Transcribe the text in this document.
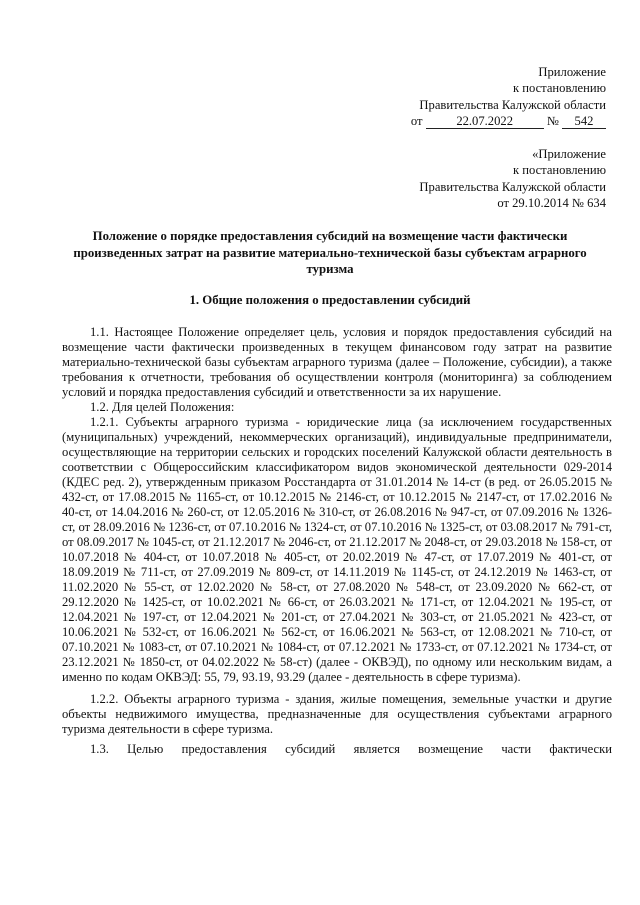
Приложение
к постановлению
Правительства Калужской области
от	22.07.2022	№ 542
«Приложение
к постановлению
Правительства Калужской области
от 29.10.2014 № 634
Положение о порядке предоставления субсидий на возмещение части фактически произведенных затрат на развитие материально-технической базы субъектам аграрного туризма
1. Общие положения о предоставлении субсидий

1.1. Настоящее Положение определяет цель, условия и порядок предоставления субсидий на возмещение части фактически произведенных в текущем финансовом году затрат на развитие материально-технической базы субъектам аграрного туризма (далее – Положение, субсидии), а также требования к отчетности, требования об осуществлении контроля (мониторинга) за соблюдением условий и порядка предоставления субсидий и ответственности за их нарушение.

1.2. Для целей Положения:

1.2.1. Субъекты аграрного туризма - юридические лица (за исключением государственных (муниципальных) учреждений, некоммерческих организаций), индивидуальные предприниматели, осуществляющие на территории сельских и городских поселений Калужской области деятельность в соответствии с Общероссийским классификатором видов экономической деятельности 029-2014 (КДЕС ред. 2), утвержденным приказом Росстандарта от 31.01.2014 № 14-ст (в ред. от 26.05.2015 № 432-ст, от 17.08.2015 № 1165-ст, от 10.12.2015 № 2146-ст, от 10.12.2015 № 2147-ст, от 17.02.2016 № 40-ст, от 14.04.2016 № 260-ст, от 12.05.2016 № 310-ст, от 26.08.2016 № 947-ст, от 07.09.2016 № 1326-ст, от 28.09.2016 № 1236-ст, от 07.10.2016 № 1324-ст, от 07.10.2016 № 1325-ст, от 03.08.2017 № 791-ст, от 08.09.2017 № 1045-ст, от 21.12.2017 № 2046-ст, от 21.12.2017 № 2048-ст, от 29.03.2018 № 158-ст, от 10.07.2018 № 404-ст, от 10.07.2018 № 405-ст, от 20.02.2019 № 47-ст, от 17.07.2019 № 401-ст, от 18.09.2019 № 711-ст, от 27.09.2019 № 809-ст, от 14.11.2019 № 1145-ст, от 24.12.2019 № 1463-ст, от 11.02.2020 № 55-ст, от 12.02.2020 № 58-ст, от 27.08.2020 № 548-ст, от 23.09.2020 № 662-ст, от 29.12.2020 № 1425-ст, от 10.02.2021 № 66-ст, от 26.03.2021 № 171-ст, от 12.04.2021 № 195-ст, от 12.04.2021 № 197-ст, от 12.04.2021 № 201-ст, от 27.04.2021 № 303-ст, от 21.05.2021 № 423-ст, от 10.06.2021 № 532-ст, от 16.06.2021 № 562-ст, от 16.06.2021 № 563-ст, от 12.08.2021 № 710-ст, от 07.10.2021 № 1083-ст, от 07.10.2021 № 1084-ст, от 07.12.2021 № 1733-ст, от 07.12.2021 № 1734-ст, от 23.12.2021 № 1850-ст, от 04.02.2022 № 58-ст) (далее - ОКВЭД), по одному или нескольким видам, а именно по кодам ОКВЭД: 55, 79, 93.19, 93.29 (далее - деятельность в сфере туризма).

1.2.2. Объекты аграрного туризма - здания, жилые помещения, земельные участки и другие объекты недвижимого имущества, предназначенные для осуществления субъектами аграрного туризма деятельности в сфере туризма.

1.3. Целью предоставления субсидий является возмещение части фактически
